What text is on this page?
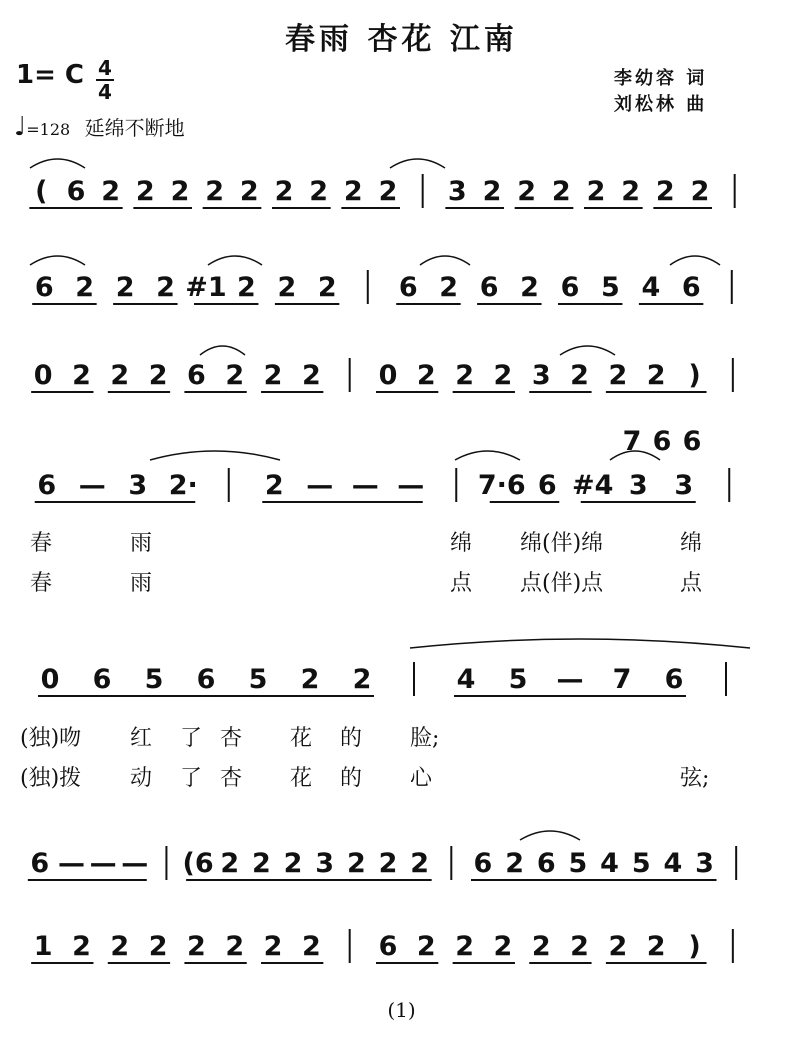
春雨 杏花 江南
1= C 4
4
♩=128 延绵不断地
李幼容 词
刘松林 曲
( 6 2 2 2 2 2 2 2 2 2 3 2 2 2 2 2 2 2
6 2 2 2 #1 2 2 2 6 2 6 2 6 5 4 6
0 2 2 2 6 2 2 2 0 2 2 2 3 2 2 2 )
6 — 3 2· 2 — — — 7·6 6 #4 3 3
7 6 6
0 6 5 6 5 2 2	4 5 — 7 6
6 — — — (6 2 2 2 3 2 2 2 6 2 6 5 4 5 4 3
1 2 2 2 2 2 2 2 6 2 2 2 2 2 2 2 )
春	雨	绵 绵(伴)绵	绵
春	雨	点 点(伴)点	点
(独)吻 红 了 杏 花 的 脸;
(独)拨 动 了 杏 花 的 心	弦;
(1)
